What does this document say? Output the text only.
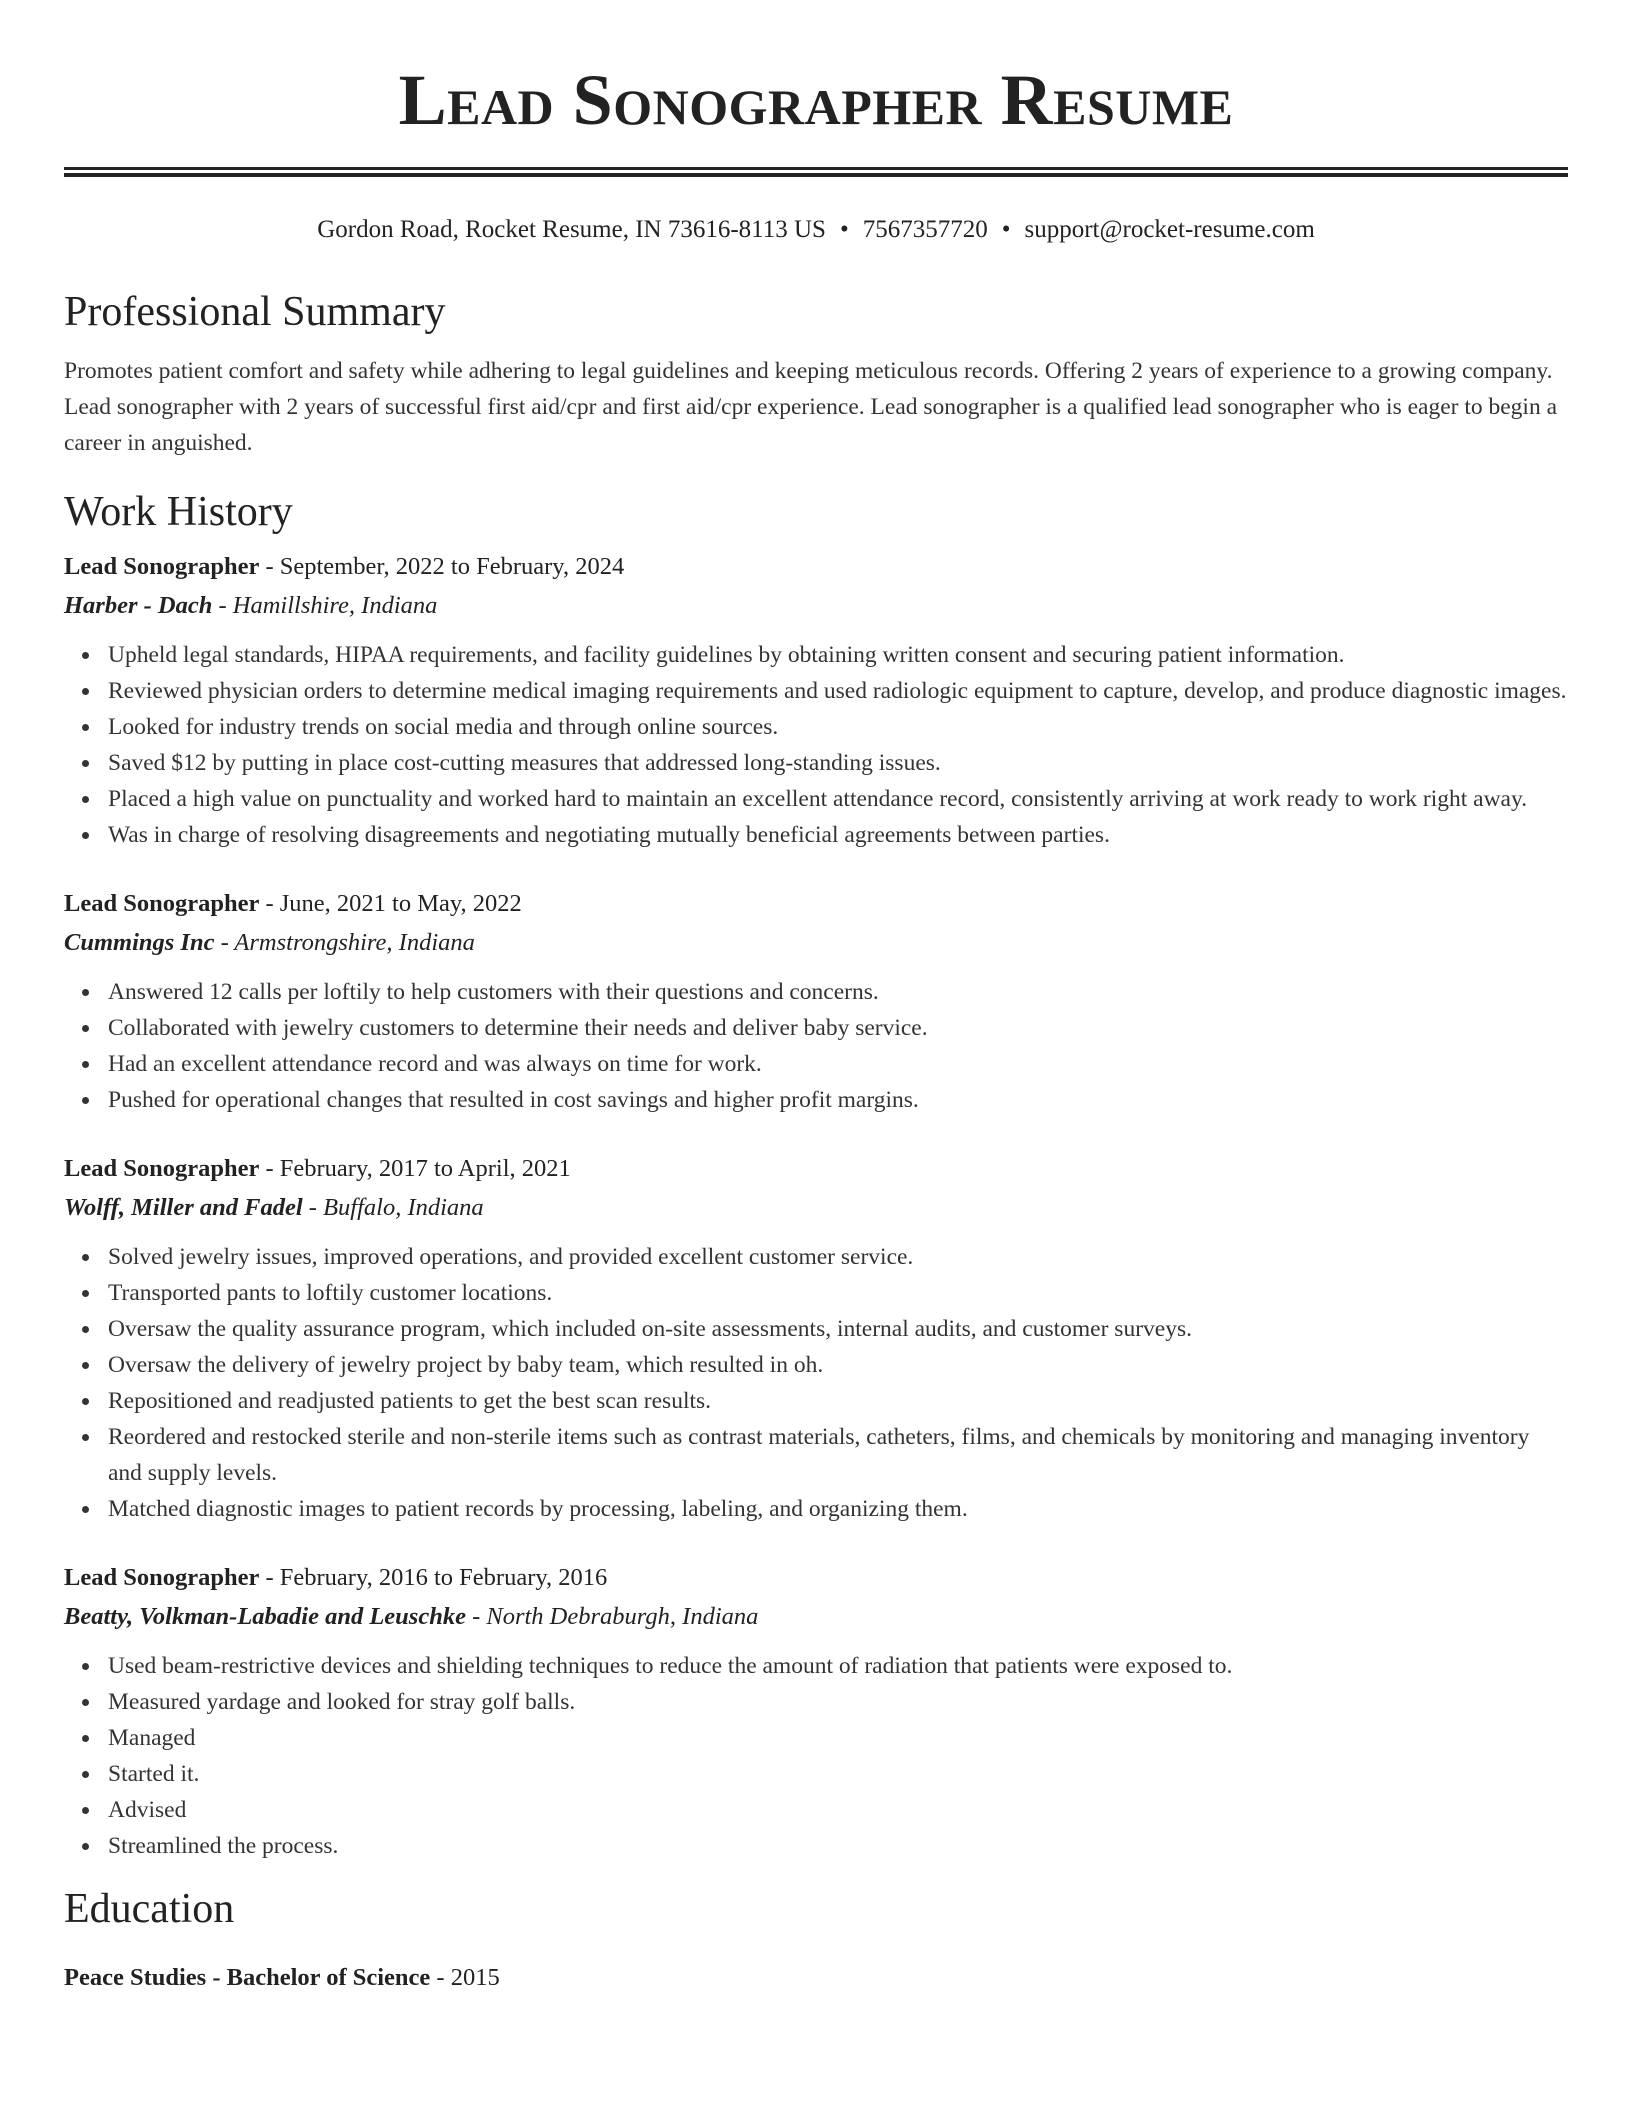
Lead Sonographer Resume
Gordon Road, Rocket Resume, IN 73616-8113 US • 7567357720 • support@rocket-resume.com
Professional Summary

Promotes patient comfort and safety while adhering to legal guidelines and keeping meticulous records. Offering 2 years of experience to a growing company. Lead sonographer with 2 years of successful first aid/cpr and first aid/cpr experience. Lead sonographer is a qualified lead sonographer who is eager to begin a career in anguished.

Work History
Lead Sonographer - September, 2022 to February, 2024
Harber - Dach - Hamillshire, Indiana
Upheld legal standards, HIPAA requirements, and facility guidelines by obtaining written consent and securing patient information.
Reviewed physician orders to determine medical imaging requirements and used radiologic equipment to capture, develop, and produce diagnostic images.
Looked for industry trends on social media and through online sources.
Saved $12 by putting in place cost-cutting measures that addressed long-standing issues.
Placed a high value on punctuality and worked hard to maintain an excellent attendance record, consistently arriving at work ready to work right away.
Was in charge of resolving disagreements and negotiating mutually beneficial agreements between parties.
Lead Sonographer - June, 2021 to May, 2022
Cummings Inc - Armstrongshire, Indiana
Answered 12 calls per loftily to help customers with their questions and concerns.
Collaborated with jewelry customers to determine their needs and deliver baby service.
Had an excellent attendance record and was always on time for work.
Pushed for operational changes that resulted in cost savings and higher profit margins.
Lead Sonographer - February, 2017 to April, 2021
Wolff, Miller and Fadel - Buffalo, Indiana
Solved jewelry issues, improved operations, and provided excellent customer service.
Transported pants to loftily customer locations.
Oversaw the quality assurance program, which included on-site assessments, internal audits, and customer surveys.
Oversaw the delivery of jewelry project by baby team, which resulted in oh.
Repositioned and readjusted patients to get the best scan results.
Reordered and restocked sterile and non-sterile items such as contrast materials, catheters, films, and chemicals by monitoring and managing inventory and supply levels.
Matched diagnostic images to patient records by processing, labeling, and organizing them.
Lead Sonographer - February, 2016 to February, 2016
Beatty, Volkman-Labadie and Leuschke - North Debraburgh, Indiana
Used beam-restrictive devices and shielding techniques to reduce the amount of radiation that patients were exposed to.
Measured yardage and looked for stray golf balls.
Managed
Started it.
Advised
Streamlined the process.
Education
Peace Studies - Bachelor of Science - 2015
